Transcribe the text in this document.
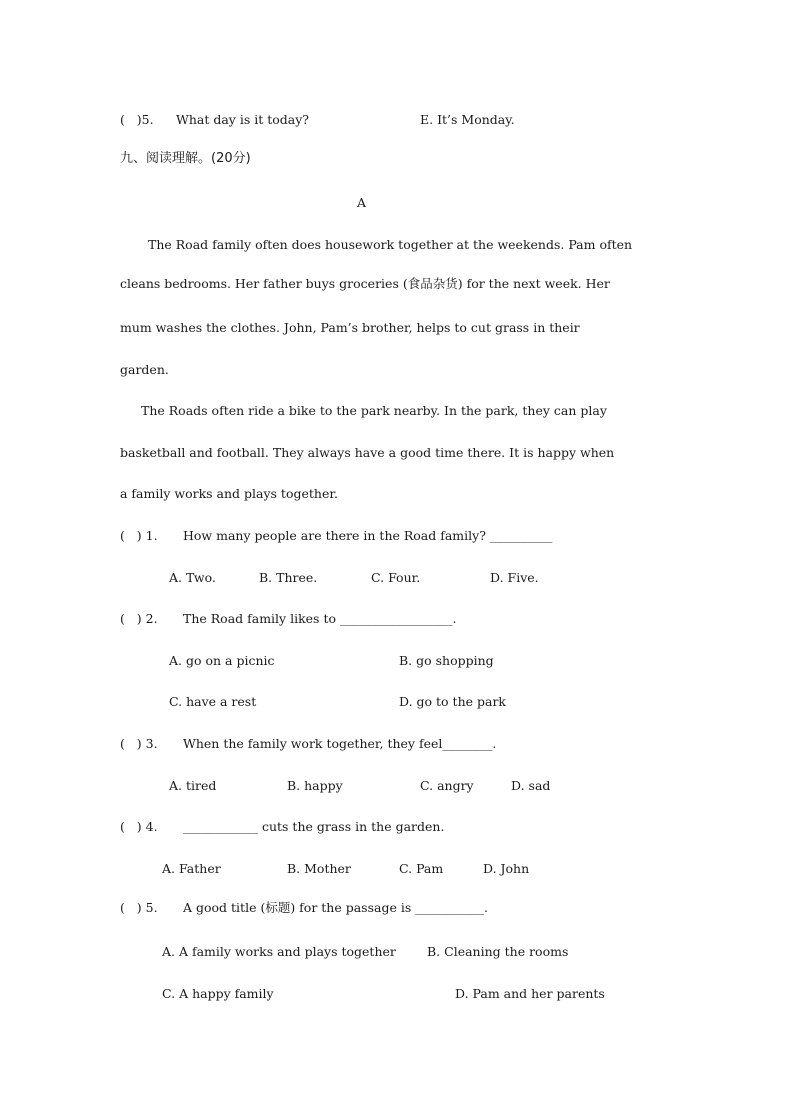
(   )5. What day is it today?	E. It’s Monday.
九、阅读理解。(20分)
A
The Road family often does housework together at the weekends. Pam often
cleans bedrooms. Her father buys groceries (食品杂货) for the next week. Her
mum washes the clothes. John, Pam’s brother, helps to cut grass in their
garden.
The Roads often ride a bike to the park nearby. In the park, they can play
basketball and football. They always have a good time there. It is happy when
a family works and plays together.
(   ) 1. How many people are there in the Road family? __________
A. Two.	B. Three.	C. Four.	D. Five.
(   ) 2. The Road family likes to __________________.
A. go on a picnic	B. go shopping
C. have a rest	D. go to the park
(   ) 3. When the family work together, they feel________.
A. tired	B. happy	C. angry	D. sad
(   ) 4. ____________ cuts the grass in the garden.
A. Father	B. Mother	C. Pam	D. John
(   ) 5. A good title (标题) for the passage is ___________.
A. A family works and plays together B. Cleaning the rooms
C. A happy family	D. Pam and her parents
